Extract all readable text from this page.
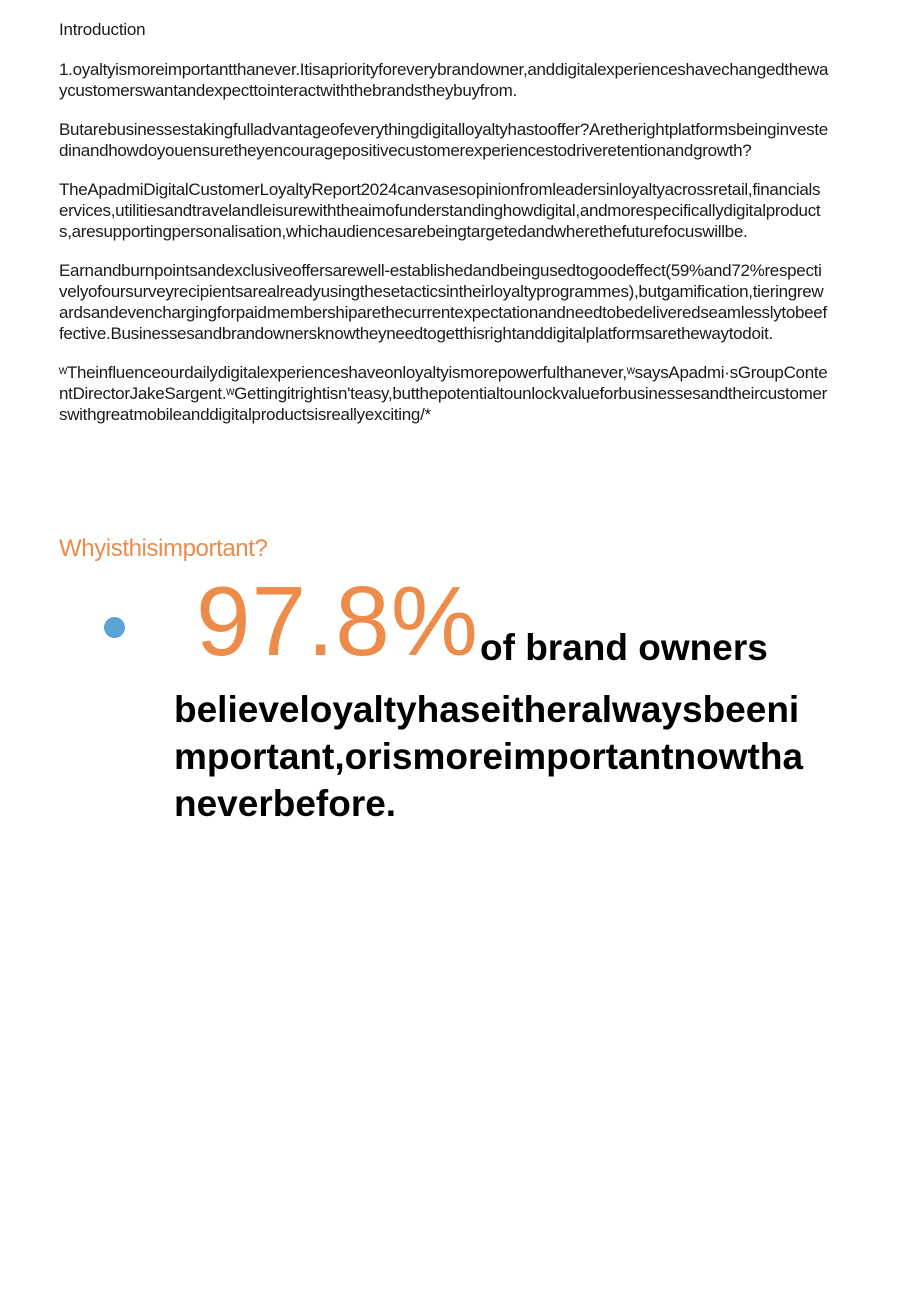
Introduction

1.oyaltyismoreimportantthanever.Itisapriorityforeverybrandowner,anddigitalexperienceshavechangedthewaycustomerswantandexpecttointeractwiththebrandstheybuyfrom.

Butarebusinessestakingfulladvantageofeverythingdigitalloyaltyhastooffer?Aretherightplatformsbeinginvestedinandhowdoyouensuretheyencouragepositivecustomerexperiencestodriveretentionandgrowth?

TheApadmiDigitalCustomerLoyaltyReport2024canvasesopinionfromleadersinloyaltyacrossretail,financialservices,utilitiesandtravelandleisurewiththeaimofunderstandinghowdigital,andmorespecificallydigitalproducts,aresupportingpersonalisation,whichaudiencesarebeingtargetedandwherethefuturefocuswillbe.

Earnandburnpointsandexclusiveoffersarewell-establishedandbeingusedtogoodeffect(59%and72%respectivelyofoursurveyrecipientsarealreadyusingthesetacticsintheirloyaltyprogrammes),butgamification,tieringrewardsandevenchargingforpaidmembershiparethecurrentexpectationandneedtobedeliveredseamlesslytobeeffective.Businessesandbrandownersknowtheyneedtogetthisrightanddigitalplatformsarethewaytodoit.

ʷTheinfluenceourdailydigitalexperienceshaveonloyaltyismorepowerfulthanever,ʷsaysApadmi·sGroupContentDirectorJakeSargent.ʷGettingitrightisn'teasy,butthepotentialtounlockvalueforbusinessesandtheircustomerswithgreatmobileanddigitalproductsisreallyexciting/*

Whyisthisimportant?
97.8% of brand owners

believeloyaltyhaseitheralwaysbeenimportant,orismoreimportantnowthaneverbefore.
